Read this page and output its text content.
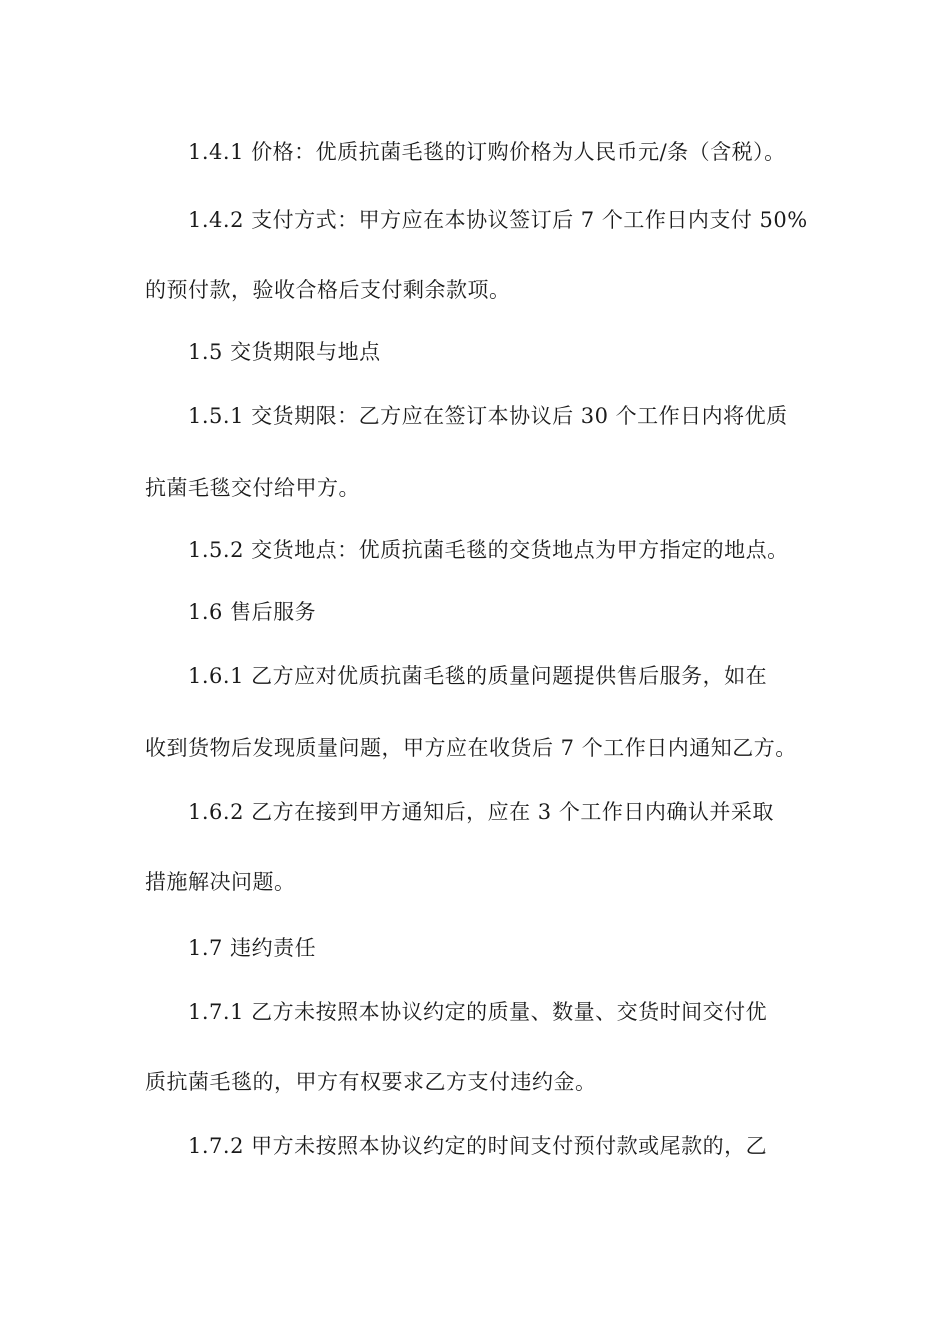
1.4.1 价格：优质抗菌毛毯的订购价格为人民币元/条（含税）。
1.4.2 支付方式：甲方应在本协议签订后 7 个工作日内支付 50%
的预付款，验收合格后支付剩余款项。
1.5 交货期限与地点
1.5.1 交货期限：乙方应在签订本协议后 30 个工作日内将优质
抗菌毛毯交付给甲方。
1.5.2 交货地点：优质抗菌毛毯的交货地点为甲方指定的地点。
1.6 售后服务
1.6.1 乙方应对优质抗菌毛毯的质量问题提供售后服务，如在
收到货物后发现质量问题，甲方应在收货后 7 个工作日内通知乙方。
1.6.2 乙方在接到甲方通知后，应在 3 个工作日内确认并采取
措施解决问题。
1.7 违约责任
1.7.1 乙方未按照本协议约定的质量、数量、交货时间交付优
质抗菌毛毯的，甲方有权要求乙方支付违约金。
1.7.2 甲方未按照本协议约定的时间支付预付款或尾款的，乙
